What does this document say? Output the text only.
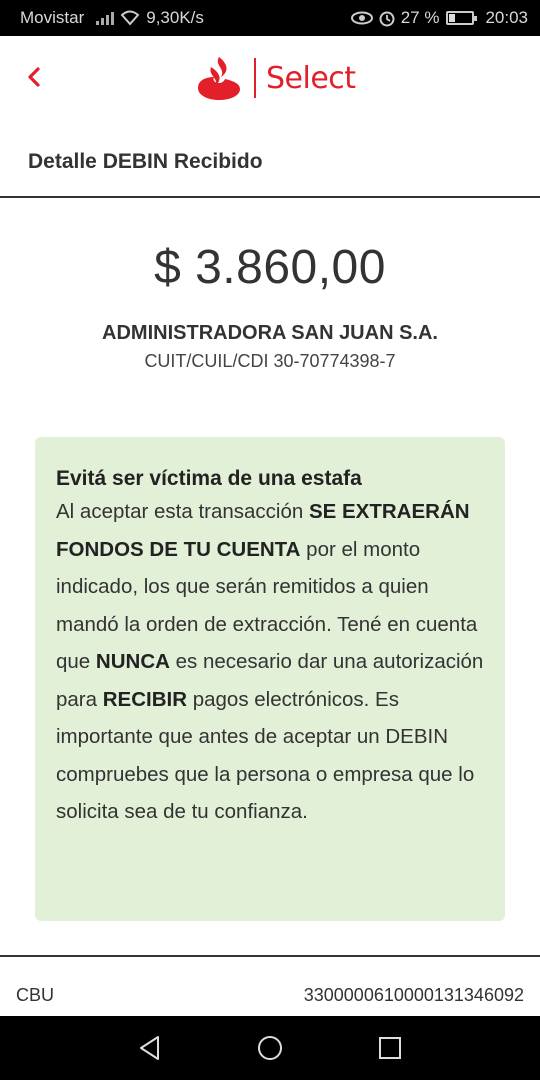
Movistar	9,30K/s	27 %	20:03
Select
Detalle DEBIN Recibido
$ 3.860,00
ADMINISTRADORA SAN JUAN S.A.
CUIT/CUIL/CDI 30-70774398-7
Evitá ser víctima de una estafa
Al aceptar esta transacción SE EXTRAERÁN FONDOS DE TU CUENTA por el monto indicado, los que serán remitidos a quien mandó la orden de extracción. Tené en cuenta que NUNCA es necesario dar una autorización para RECIBIR pagos electrónicos. Es importante que antes de aceptar un DEBIN compruebes que la persona o empresa que lo solicita sea de tu confianza.
CBU	3300000610000131346092
